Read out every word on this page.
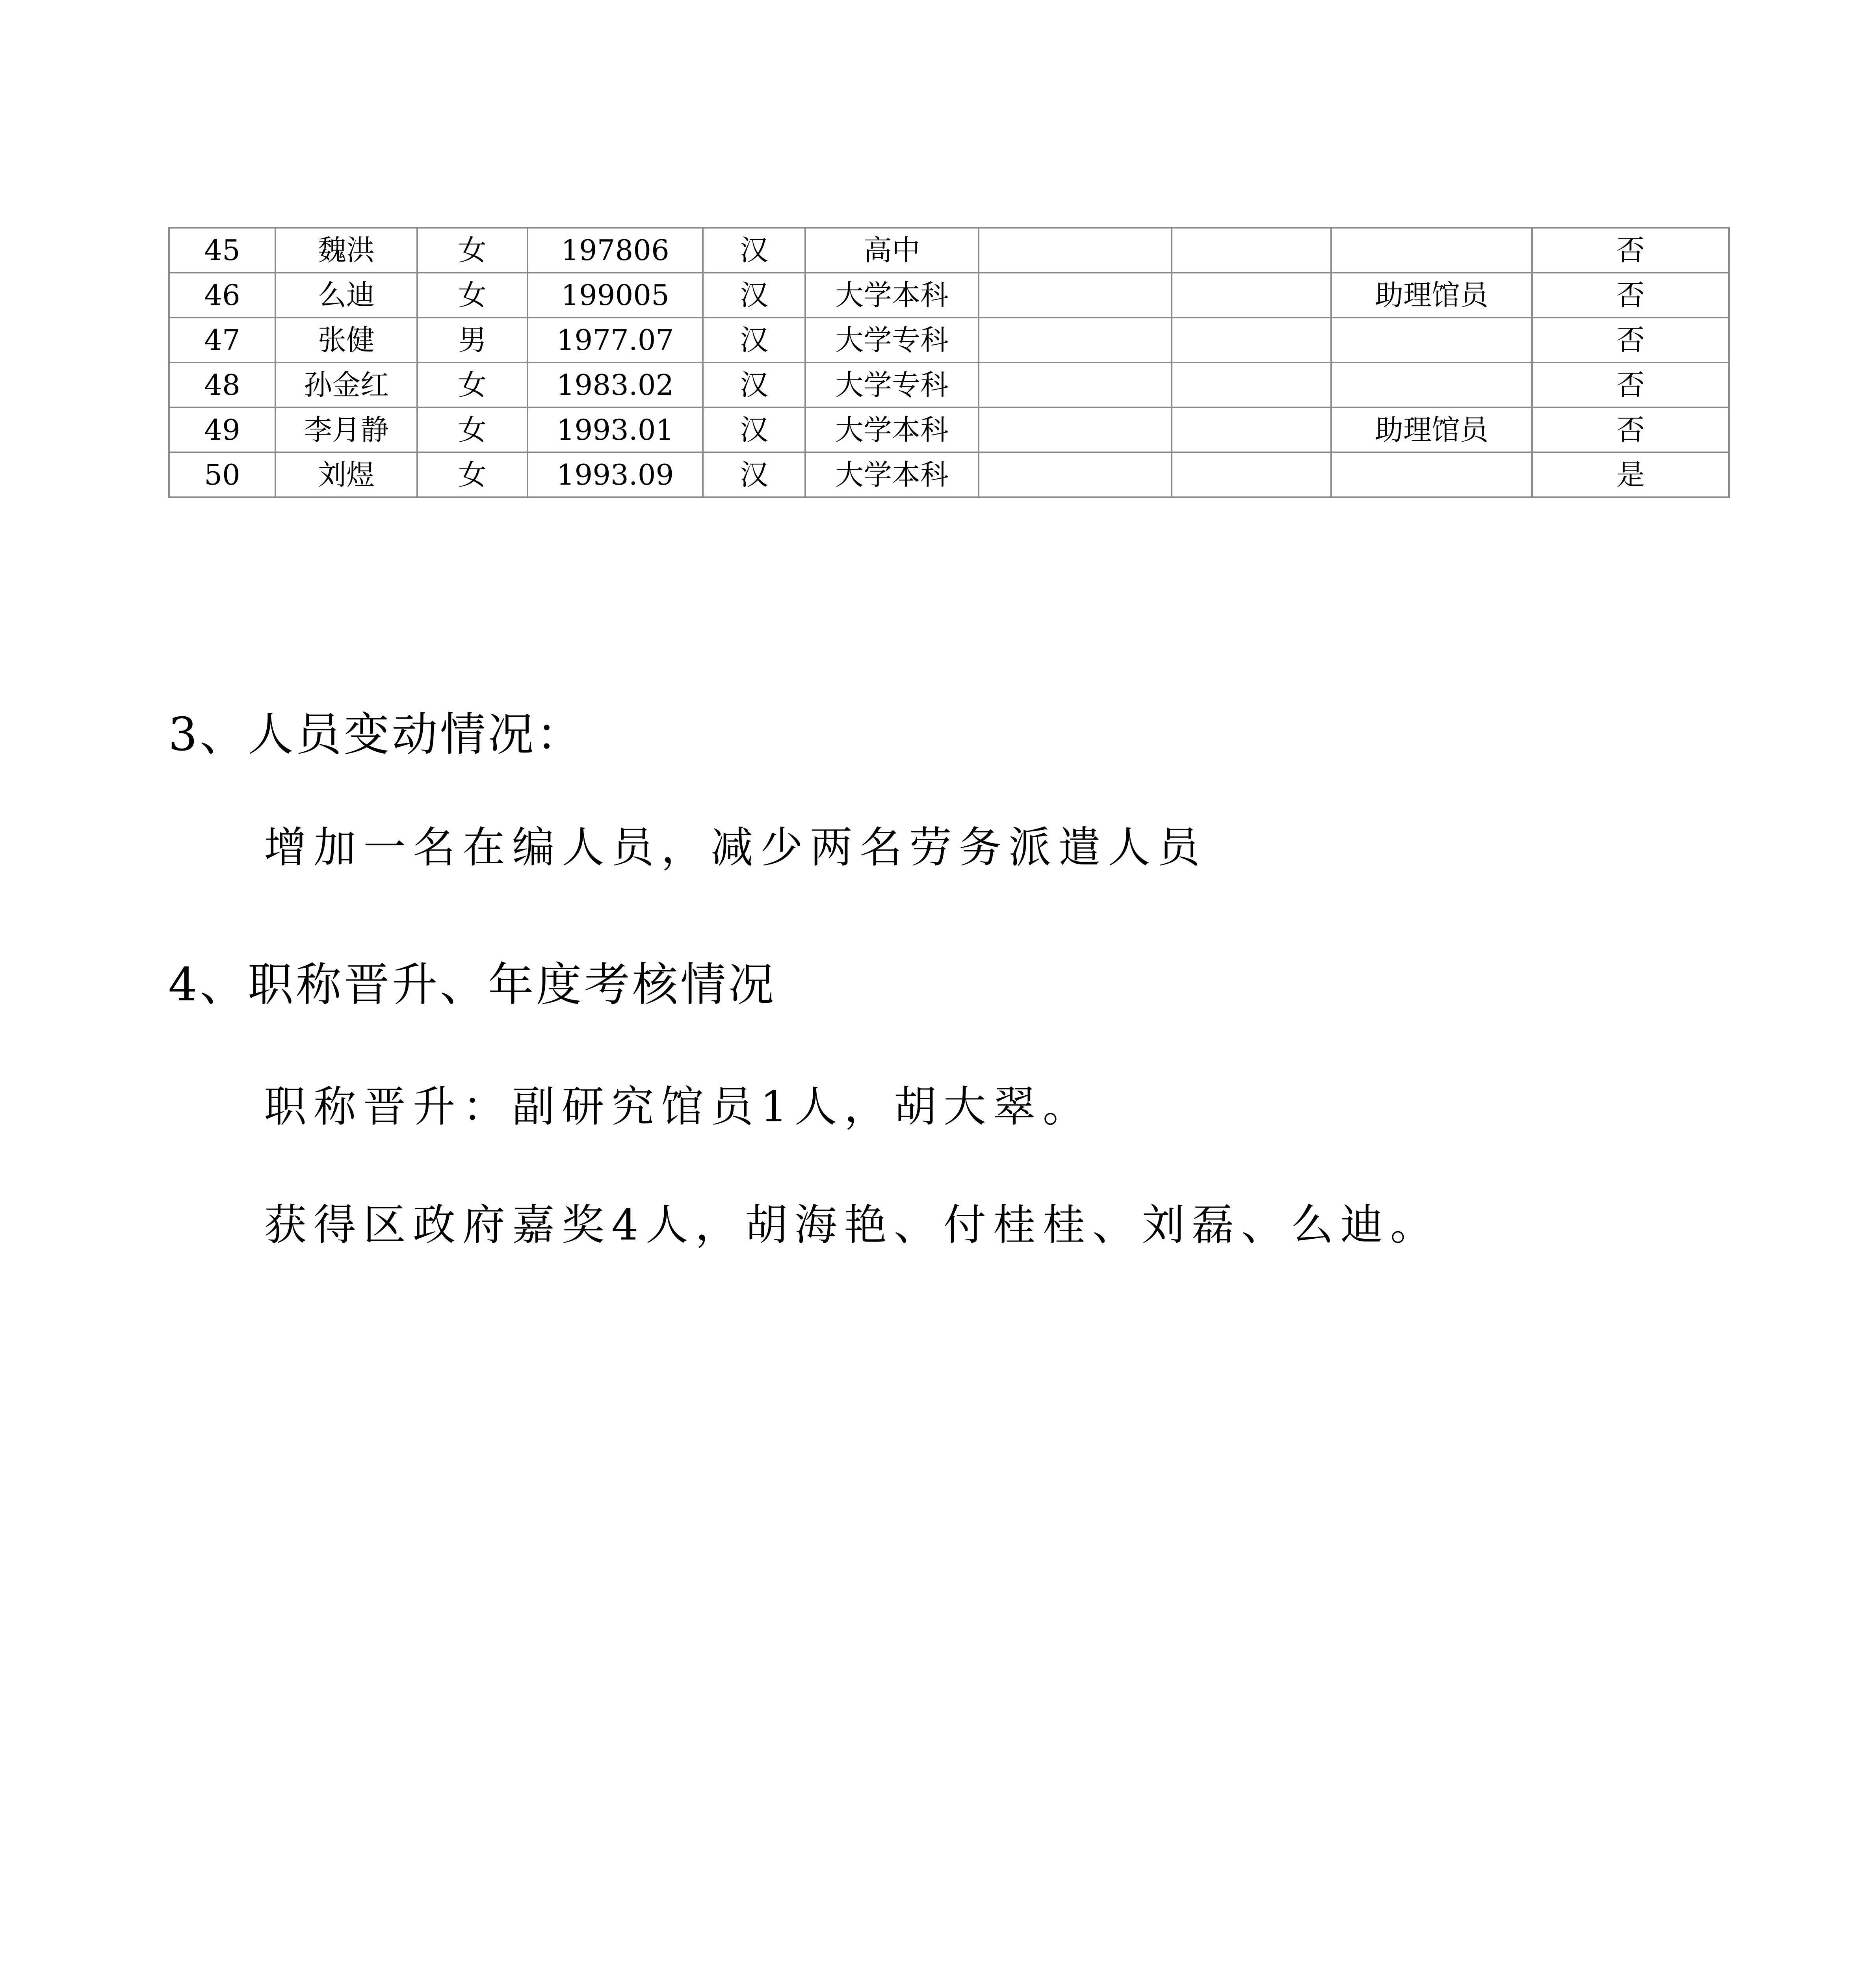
45	魏洪	女	197806	汉	高中				否
46	么迪	女	199005	汉	大学本科			助理馆员	否
47	张健	男	1977.07	汉	大学专科				否
48	孙金红	女	1983.02	汉	大学专科				否
49	李月静	女	1993.01	汉	大学本科			助理馆员	否
50	刘煜	女	1993.09	汉	大学本科				是
3、人员变动情况：
增加一名在编人员，减少两名劳务派遣人员
4、职称晋升、年度考核情况
职称晋升：副研究馆员1人，胡大翠。
获得区政府嘉奖4人，胡海艳、付桂桂、刘磊、么迪。
